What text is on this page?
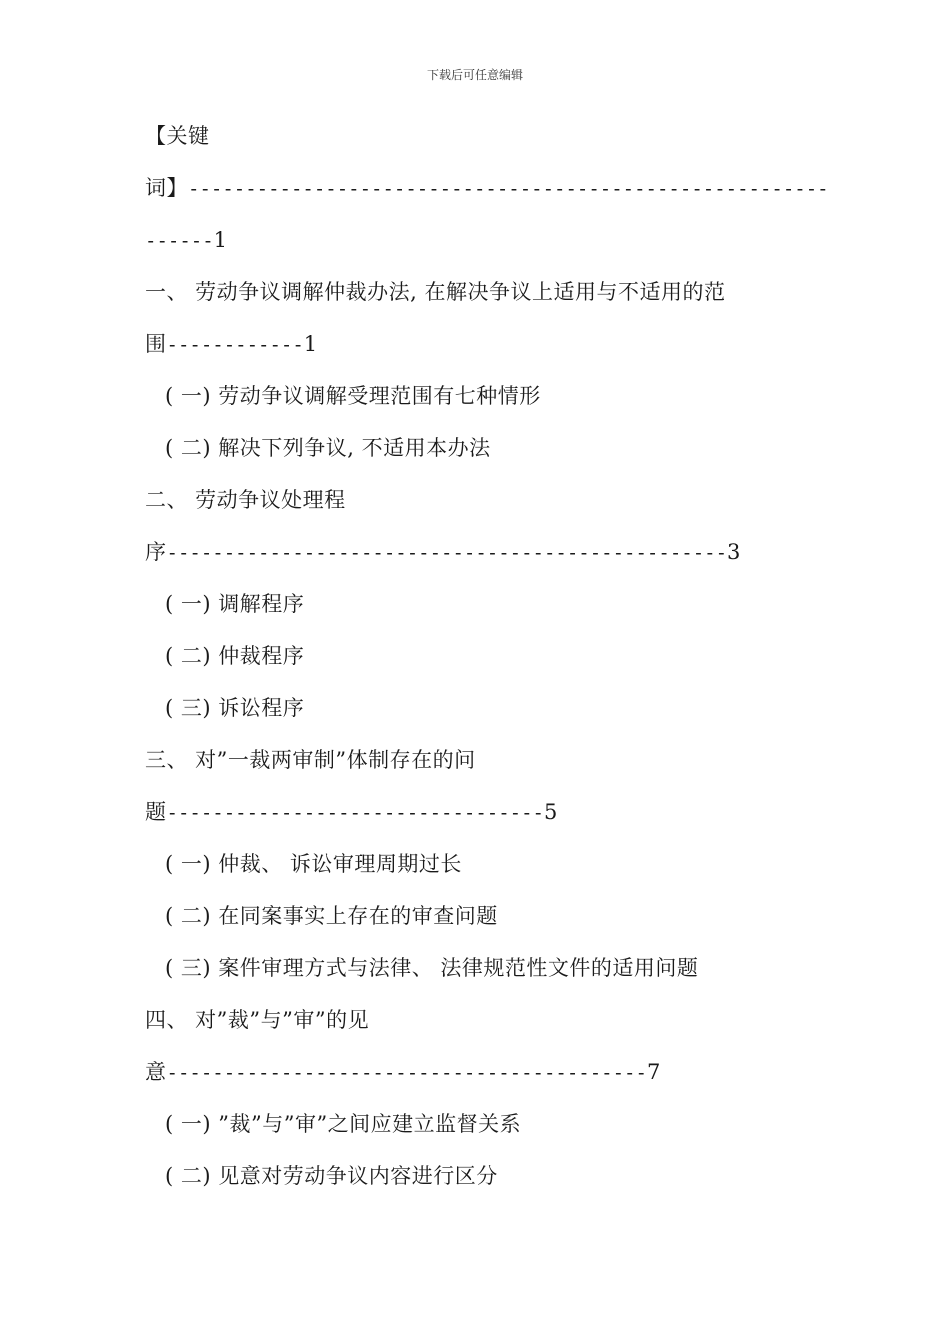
下载后可任意编辑
【关键
词】--------------------------------------------------------
------1
一、 劳动争议调解仲裁办法, 在解决争议上适用与不适用的范
围------------1
( 一) 劳动争议调解受理范围有七种情形
( 二) 解决下列争议, 不适用本办法
二、 劳动争议处理程
序-------------------------------------------------3
( 一) 调解程序
( 二) 仲裁程序
( 三) 诉讼程序
三、 对”一裁两审制”体制存在的问
题---------------------------------5
( 一) 仲裁、 诉讼审理周期过长
( 二) 在同案事实上存在的审查问题
( 三) 案件审理方式与法律、 法律规范性文件的适用问题
四、 对”裁”与”审”的见
意------------------------------------------7
( 一) ”裁”与”审”之间应建立监督关系
( 二) 见意对劳动争议内容进行区分
